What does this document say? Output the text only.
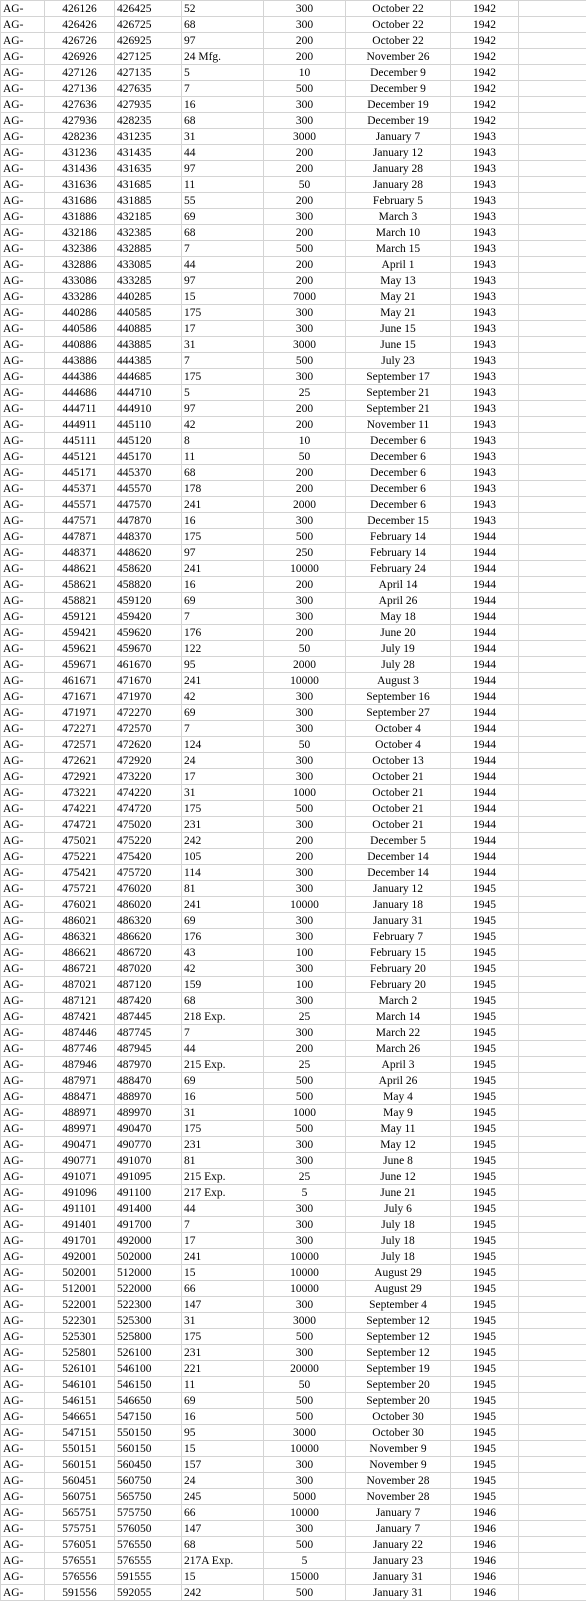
AG-	426126	426425	52	300	October 22	1942	
AG-	426426	426725	68	300	October 22	1942	
AG-	426726	426925	97	200	October 22	1942	
AG-	426926	427125	24 Mfg.	200	November 26	1942	
AG-	427126	427135	5	10	December 9	1942	
AG-	427136	427635	7	500	December 9	1942	
AG-	427636	427935	16	300	December 19	1942	
AG-	427936	428235	68	300	December 19	1942	
AG-	428236	431235	31	3000	January 7	1943	
AG-	431236	431435	44	200	January 12	1943	
AG-	431436	431635	97	200	January 28	1943	
AG-	431636	431685	11	50	January 28	1943	
AG-	431686	431885	55	200	February 5	1943	
AG-	431886	432185	69	300	March 3	1943	
AG-	432186	432385	68	200	March 10	1943	
AG-	432386	432885	7	500	March 15	1943	
AG-	432886	433085	44	200	April 1	1943	
AG-	433086	433285	97	200	May 13	1943	
AG-	433286	440285	15	7000	May 21	1943	
AG-	440286	440585	175	300	May 21	1943	
AG-	440586	440885	17	300	June 15	1943	
AG-	440886	443885	31	3000	June 15	1943	
AG-	443886	444385	7	500	July 23	1943	
AG-	444386	444685	175	300	September 17	1943	
AG-	444686	444710	5	25	September 21	1943	
AG-	444711	444910	97	200	September 21	1943	
AG-	444911	445110	42	200	November 11	1943	
AG-	445111	445120	8	10	December 6	1943	
AG-	445121	445170	11	50	December 6	1943	
AG-	445171	445370	68	200	December 6	1943	
AG-	445371	445570	178	200	December 6	1943	
AG-	445571	447570	241	2000	December 6	1943	
AG-	447571	447870	16	300	December 15	1943	
AG-	447871	448370	175	500	February 14	1944	
AG-	448371	448620	97	250	February 14	1944	
AG-	448621	458620	241	10000	February 24	1944	
AG-	458621	458820	16	200	April 14	1944	
AG-	458821	459120	69	300	April 26	1944	
AG-	459121	459420	7	300	May 18	1944	
AG-	459421	459620	176	200	June 20	1944	
AG-	459621	459670	122	50	July 19	1944	
AG-	459671	461670	95	2000	July 28	1944	
AG-	461671	471670	241	10000	August 3	1944	
AG-	471671	471970	42	300	September 16	1944	
AG-	471971	472270	69	300	September 27	1944	
AG-	472271	472570	7	300	October 4	1944	
AG-	472571	472620	124	50	October 4	1944	
AG-	472621	472920	24	300	October 13	1944	
AG-	472921	473220	17	300	October 21	1944	
AG-	473221	474220	31	1000	October 21	1944	
AG-	474221	474720	175	500	October 21	1944	
AG-	474721	475020	231	300	October 21	1944	
AG-	475021	475220	242	200	December 5	1944	
AG-	475221	475420	105	200	December 14	1944	
AG-	475421	475720	114	300	December 14	1944	
AG-	475721	476020	81	300	January 12	1945	
AG-	476021	486020	241	10000	January 18	1945	
AG-	486021	486320	69	300	January 31	1945	
AG-	486321	486620	176	300	February 7	1945	
AG-	486621	486720	43	100	February 15	1945	
AG-	486721	487020	42	300	February 20	1945	
AG-	487021	487120	159	100	February 20	1945	
AG-	487121	487420	68	300	March 2	1945	
AG-	487421	487445	218 Exp.	25	March 14	1945	
AG-	487446	487745	7	300	March 22	1945	
AG-	487746	487945	44	200	March 26	1945	
AG-	487946	487970	215 Exp.	25	April 3	1945	
AG-	487971	488470	69	500	April 26	1945	
AG-	488471	488970	16	500	May 4	1945	
AG-	488971	489970	31	1000	May 9	1945	
AG-	489971	490470	175	500	May 11	1945	
AG-	490471	490770	231	300	May 12	1945	
AG-	490771	491070	81	300	June 8	1945	
AG-	491071	491095	215 Exp.	25	June 12	1945	
AG-	491096	491100	217 Exp.	5	June 21	1945	
AG-	491101	491400	44	300	July 6	1945	
AG-	491401	491700	7	300	July 18	1945	
AG-	491701	492000	17	300	July 18	1945	
AG-	492001	502000	241	10000	July 18	1945	
AG-	502001	512000	15	10000	August 29	1945	
AG-	512001	522000	66	10000	August 29	1945	
AG-	522001	522300	147	300	September 4	1945	
AG-	522301	525300	31	3000	September 12	1945	
AG-	525301	525800	175	500	September 12	1945	
AG-	525801	526100	231	300	September 12	1945	
AG-	526101	546100	221	20000	September 19	1945	
AG-	546101	546150	11	50	September 20	1945	
AG-	546151	546650	69	500	September 20	1945	
AG-	546651	547150	16	500	October 30	1945	
AG-	547151	550150	95	3000	October 30	1945	
AG-	550151	560150	15	10000	November 9	1945	
AG-	560151	560450	157	300	November 9	1945	
AG-	560451	560750	24	300	November 28	1945	
AG-	560751	565750	245	5000	November 28	1945	
AG-	565751	575750	66	10000	January 7	1946	
AG-	575751	576050	147	300	January 7	1946	
AG-	576051	576550	68	500	January 22	1946	
AG-	576551	576555	217A Exp.	5	January 23	1946	
AG-	576556	591555	15	15000	January 31	1946	
AG-	591556	592055	242	500	January 31	1946	
